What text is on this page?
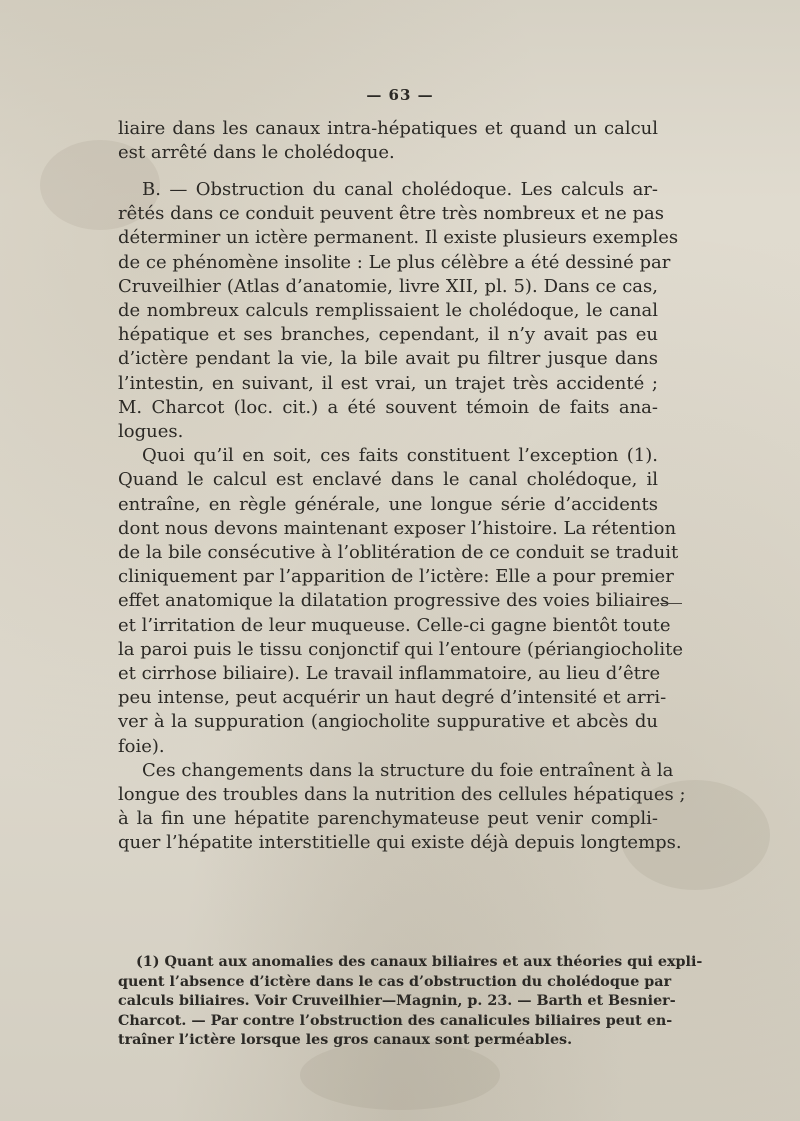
— 63 —
liaire dans les canaux intra-hépatiques et quand un calcul
est arrêté dans le cholédoque.
B. — Obstruction du canal cholédoque. Les calculs ar-
rêtés dans ce conduit peuvent être très nombreux et ne pas
déterminer un ictère permanent. Il existe plusieurs exemples
de ce phénomène insolite : Le plus célèbre a été dessiné par
Cruveilhier (Atlas d’anatomie, livre XII, pl. 5). Dans ce cas,
de nombreux calculs remplissaient le cholédoque, le canal
hépatique et ses branches, cependant, il n’y avait pas eu
d’ictère pendant la vie, la bile avait pu filtrer jusque dans
l’intestin, en suivant, il est vrai, un trajet très accidenté ;
M. Charcot (loc. cit.) a été souvent témoin de faits ana-
logues.
Quoi qu’il en soit, ces faits constituent l’exception (1).
Quand le calcul est enclavé dans le canal cholédoque, il
entraîne, en règle générale, une longue série d’accidents
dont nous devons maintenant exposer l’histoire. La rétention
de la bile consécutive à l’oblitération de ce conduit se traduit
cliniquement par l’apparition de l’ictère: Elle a pour premier
effet anatomique la dilatation progressive des voies biliaires
et l’irritation de leur muqueuse. Celle-ci gagne bientôt toute
la paroi puis le tissu conjonctif qui l’entoure (périangiocholite
et cirrhose biliaire). Le travail inflammatoire, au lieu d’être
peu intense, peut acquérir un haut degré d’intensité et arri-
ver à la suppuration (angiocholite suppurative et abcès du
foie).
Ces changements dans la structure du foie entraînent à la
longue des troubles dans la nutrition des cellules hépatiques ;
à la fin une hépatite parenchymateuse peut venir compli-
quer l’hépatite interstitielle qui existe déjà depuis longtemps.
(1) Quant aux anomalies des canaux biliaires et aux théories qui expli-
quent l’absence d’ictère dans le cas d’obstruction du cholédoque par
calculs biliaires. Voir Cruveilhier—Magnin, p. 23. — Barth et Besnier-
Charcot. — Par contre l’obstruction des canalicules biliaires peut en-
traîner l’ictère lorsque les gros canaux sont perméables.
